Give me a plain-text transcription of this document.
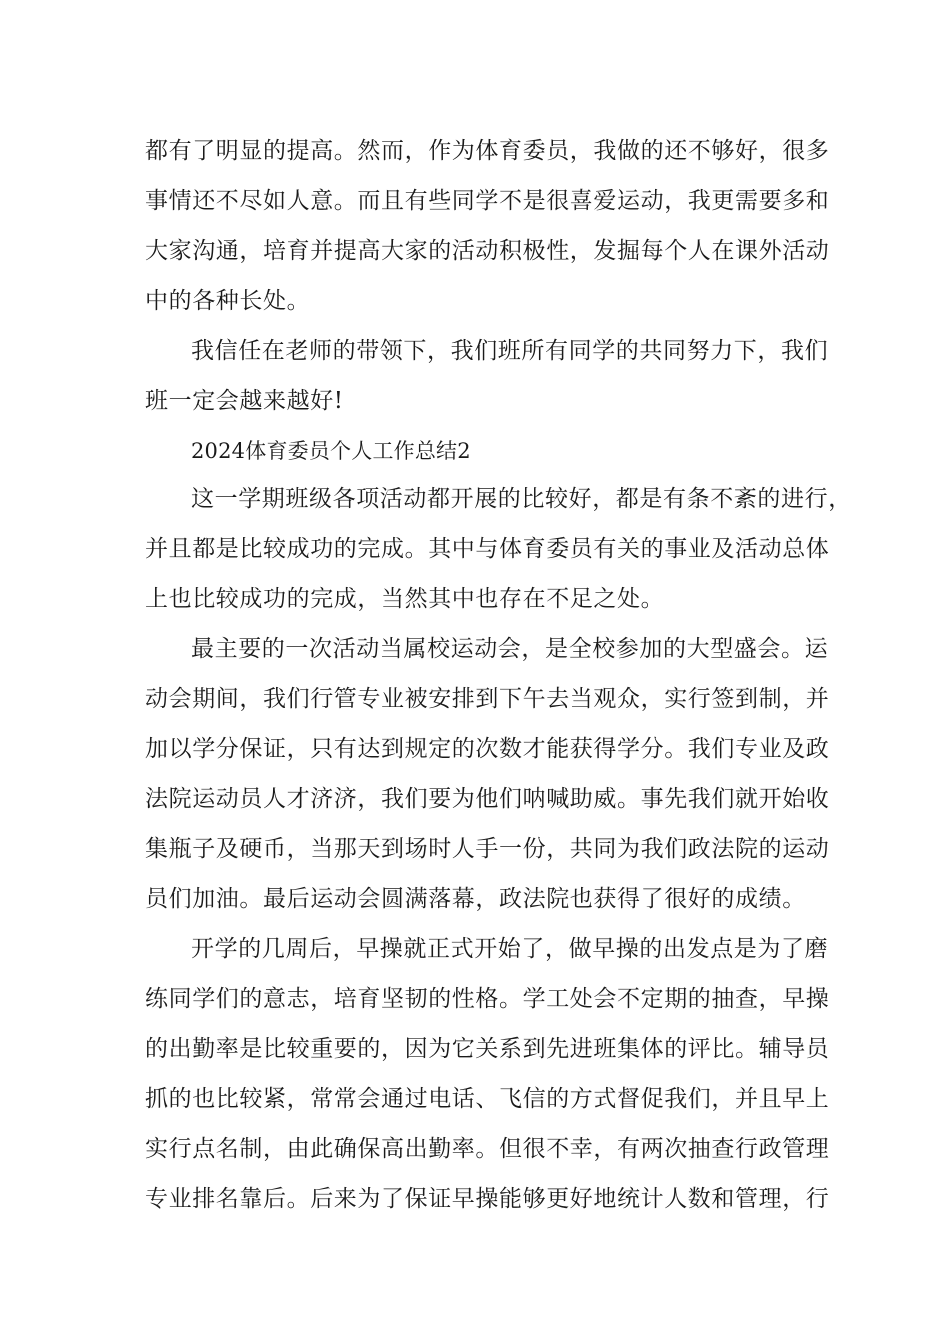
都有了明显的提高。然而，作为体育委员，我做的还不够好，很多
事情还不尽如人意。而且有些同学不是很喜爱运动，我更需要多和
大家沟通，培育并提高大家的活动积极性，发掘每个人在课外活动
中的各种长处。
我信任在老师的带领下，我们班所有同学的共同努力下，我们
班一定会越来越好!
2024体育委员个人工作总结2
这一学期班级各项活动都开展的比较好，都是有条不紊的进行，
并且都是比较成功的完成。其中与体育委员有关的事业及活动总体
上也比较成功的完成，当然其中也存在不足之处。
最主要的一次活动当属校运动会，是全校参加的大型盛会。运
动会期间，我们行管专业被安排到下午去当观众，实行签到制，并
加以学分保证，只有达到规定的次数才能获得学分。我们专业及政
法院运动员人才济济，我们要为他们呐喊助威。事先我们就开始收
集瓶子及硬币，当那天到场时人手一份，共同为我们政法院的运动
员们加油。最后运动会圆满落幕，政法院也获得了很好的成绩。
开学的几周后，早操就正式开始了，做早操的出发点是为了磨
练同学们的意志，培育坚韧的性格。学工处会不定期的抽查，早操
的出勤率是比较重要的，因为它关系到先进班集体的评比。辅导员
抓的也比较紧，常常会通过电话、飞信的方式督促我们，并且早上
实行点名制，由此确保高出勤率。但很不幸，有两次抽查行政管理
专业排名靠后。后来为了保证早操能够更好地统计人数和管理，行
